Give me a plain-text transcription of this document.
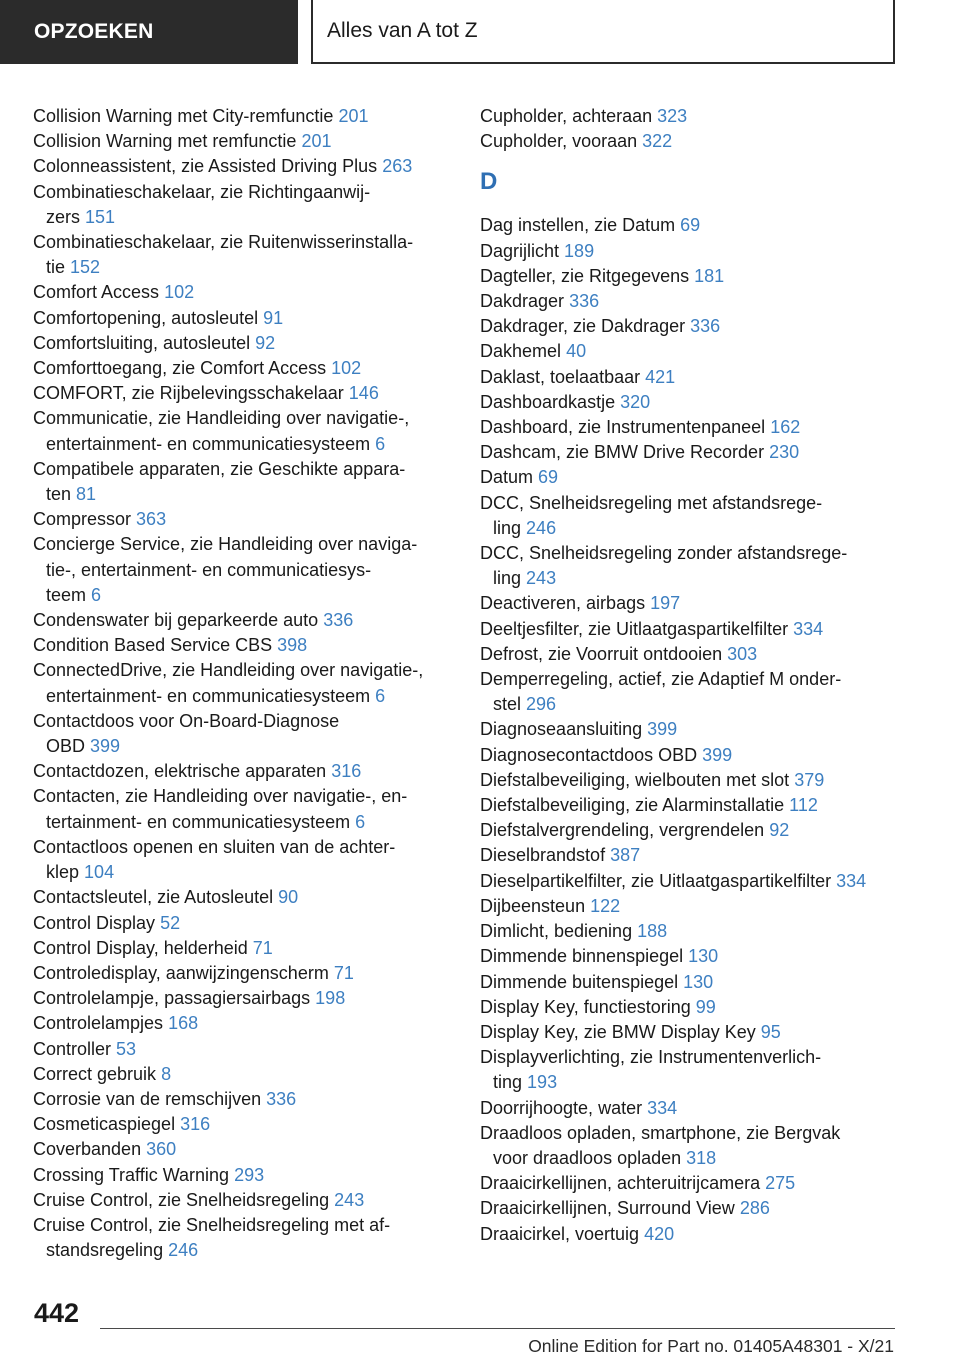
OPZOEKEN	Alles van A tot Z
Collision Warning met City-remfunctie 201
Collision Warning met remfunctie 201
Colonneassistent, zie Assisted Driving Plus 263
Combinatieschakelaar, zie Richtingaanwij-
zers 151
Combinatieschakelaar, zie Ruitenwisserinstalla-
tie 152
Comfort Access 102
Comfortopening, autosleutel 91
Comfortsluiting, autosleutel 92
Comforttoegang, zie Comfort Access 102
COMFORT, zie Rijbelevingsschakelaar 146
Communicatie, zie Handleiding over navigatie-,
entertainment- en communicatiesysteem 6
Compatibele apparaten, zie Geschikte appara-
ten 81
Compressor 363
Concierge Service, zie Handleiding over naviga-
tie-, entertainment- en communicatiesys-
teem 6
Condenswater bij geparkeerde auto 336
Condition Based Service CBS 398
ConnectedDrive, zie Handleiding over navigatie-,
entertainment- en communicatiesysteem 6
Contactdoos voor On-Board-Diagnose
OBD 399
Contactdozen, elektrische apparaten 316
Contacten, zie Handleiding over navigatie-, en-
tertainment- en communicatiesysteem 6
Contactloos openen en sluiten van de achter-
klep 104
Contactsleutel, zie Autosleutel 90
Control Display 52
Control Display, helderheid 71
Controledisplay, aanwijzingenscherm 71
Controlelampje, passagiersairbags 198
Controlelampjes 168
Controller 53
Correct gebruik 8
Corrosie van de remschijven 336
Cosmeticaspiegel 316
Coverbanden 360
Crossing Traffic Warning 293
Cruise Control, zie Snelheidsregeling 243
Cruise Control, zie Snelheidsregeling met af-
standsregeling 246
Cupholder, achteraan 323
Cupholder, vooraan 322
D
Dag instellen, zie Datum 69
Dagrijlicht 189
Dagteller, zie Ritgegevens 181
Dakdrager 336
Dakdrager, zie Dakdrager 336
Dakhemel 40
Daklast, toelaatbaar 421
Dashboardkastje 320
Dashboard, zie Instrumentenpaneel 162
Dashcam, zie BMW Drive Recorder 230
Datum 69
DCC, Snelheidsregeling met afstandsrege-
ling 246
DCC, Snelheidsregeling zonder afstandsrege-
ling 243
Deactiveren, airbags 197
Deeltjesfilter, zie Uitlaatgaspartikelfilter 334
Defrost, zie Voorruit ontdooien 303
Demperregeling, actief, zie Adaptief M onder-
stel 296
Diagnoseaansluiting 399
Diagnosecontactdoos OBD 399
Diefstalbeveiliging, wielbouten met slot 379
Diefstalbeveiliging, zie Alarminstallatie 112
Diefstalvergrendeling, vergrendelen 92
Dieselbrandstof 387
Dieselpartikelfilter, zie Uitlaatgaspartikelfilter 334
Dijbeensteun 122
Dimlicht, bediening 188
Dimmende binnenspiegel 130
Dimmende buitenspiegel 130
Display Key, functiestoring 99
Display Key, zie BMW Display Key 95
Displayverlichting, zie Instrumentenverlich-
ting 193
Doorrijhoogte, water 334
Draadloos opladen, smartphone, zie Bergvak
voor draadloos opladen 318
Draaicirkellijnen, achteruitrijcamera 275
Draaicirkellijnen, Surround View 286
Draaicirkel, voertuig 420
442
Online Edition for Part no. 01405A48301 - X/21
